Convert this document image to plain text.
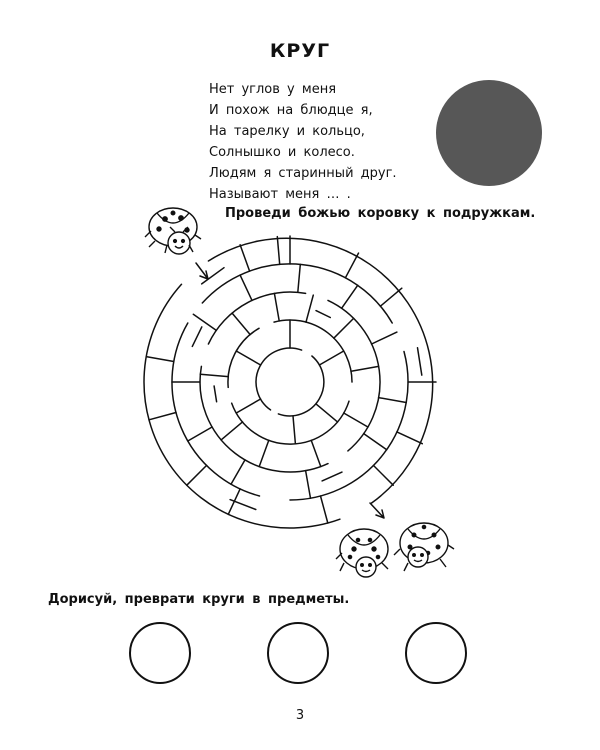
КРУГ
Нет углов у меня
И похож на блюдце я,
На тарелку и кольцо,
Солнышко и колесо.
Людям я старинный друг.
Называют меня … .
Проведи божью коровку к подружкам.
Дорисуй, преврати круги в предметы.
3
